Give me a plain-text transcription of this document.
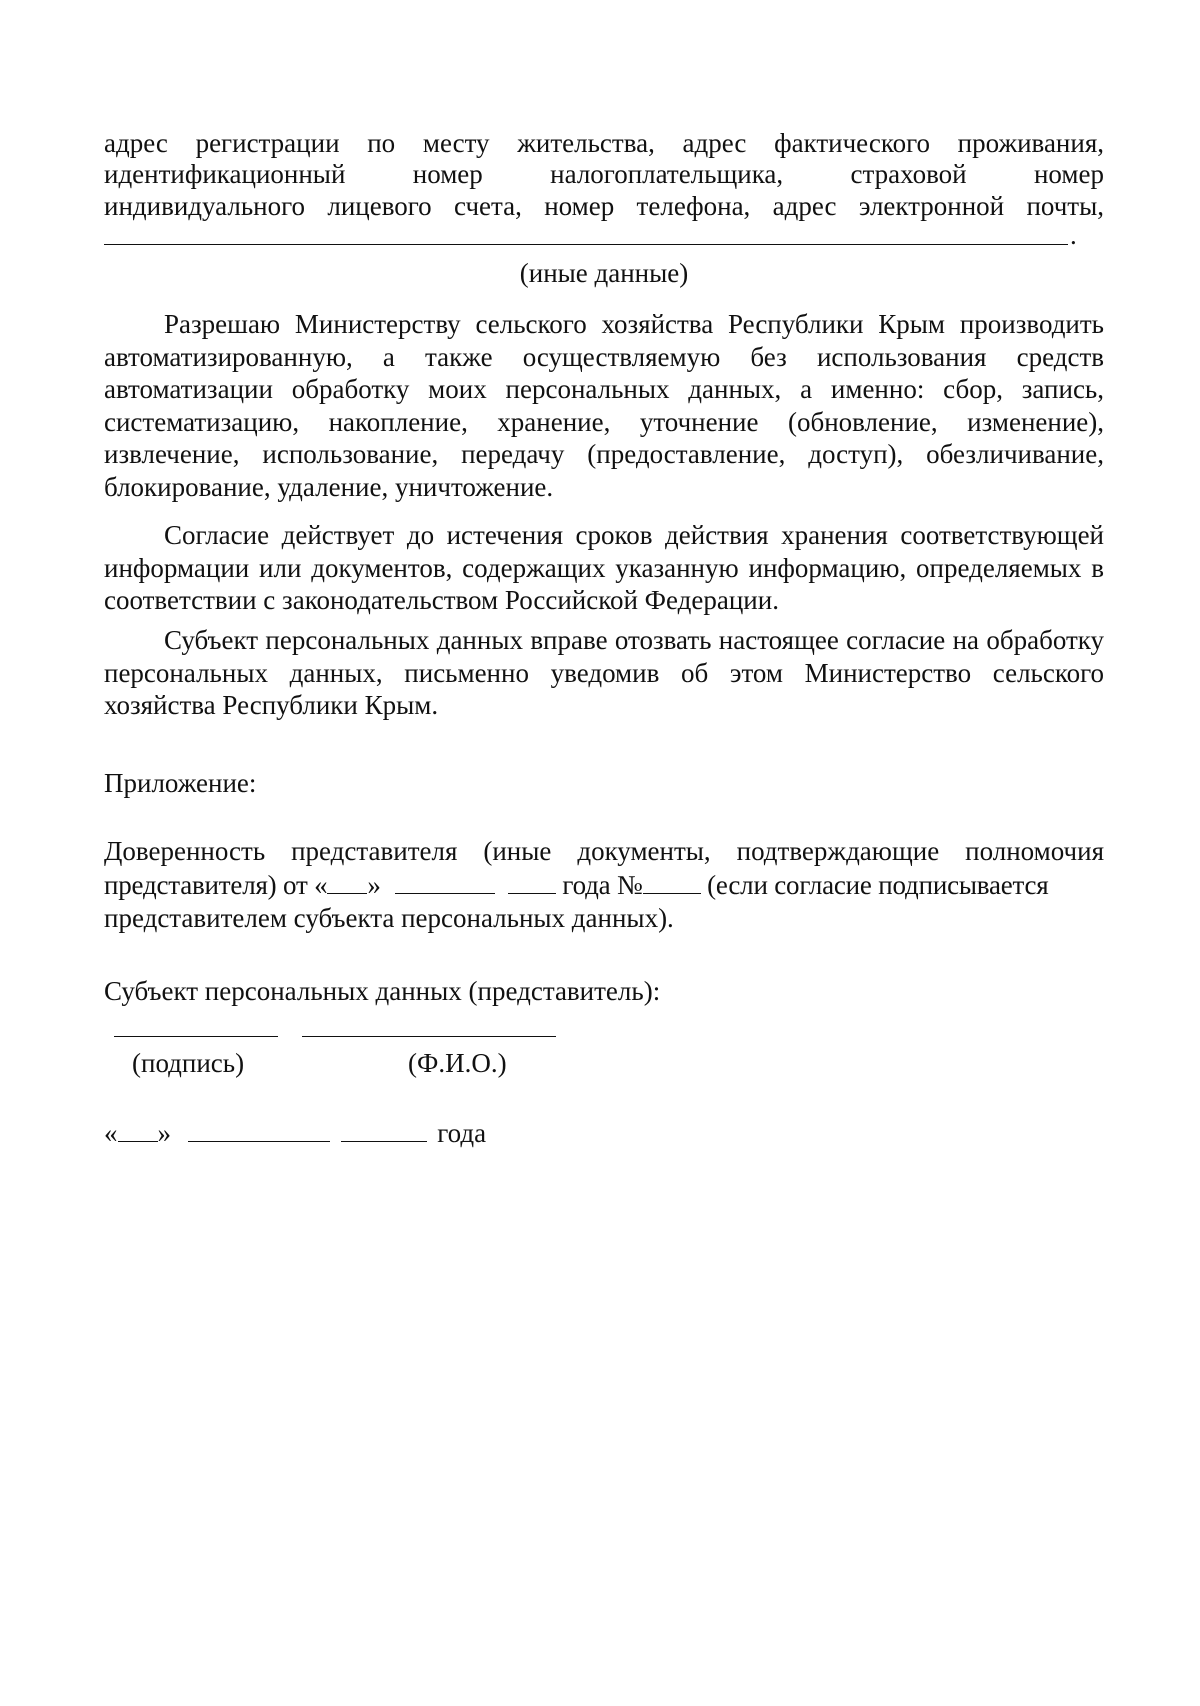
адрес регистрации по месту жительства, адрес фактического проживания,
идентификационный номер налогоплательщика, страховой номер
индивидуального лицевого счета, номер телефона, адрес электронной почты,
.
(иные данные)
Разрешаю Министерству сельского хозяйства Республики Крым производить автоматизированную, а также осуществляемую без использования средств автоматизации обработку моих персональных данных, а именно: сбор, запись, систематизацию, накопление, хранение, уточнение (обновление, изменение), извлечение, использование, передачу (предоставление, доступ), обезличивание, блокирование, удаление, уничтожение.
Согласие действует до истечения сроков действия хранения соответствующей информации или документов, содержащих указанную информацию, определяемых в соответствии с законодательством Российской Федерации.
Субъект персональных данных вправе отозвать настоящее согласие на обработку персональных данных, письменно уведомив об этом Министерство сельского хозяйства Республики Крым.
Приложение:
Доверенность представителя (иные документы, подтверждающие полномочия
представителя) от « »	года № (если согласие подписывается
представителем субъекта персональных данных).
Субъект персональных данных (представитель):
(подпись)	(Ф.И.О.)
« »	года
